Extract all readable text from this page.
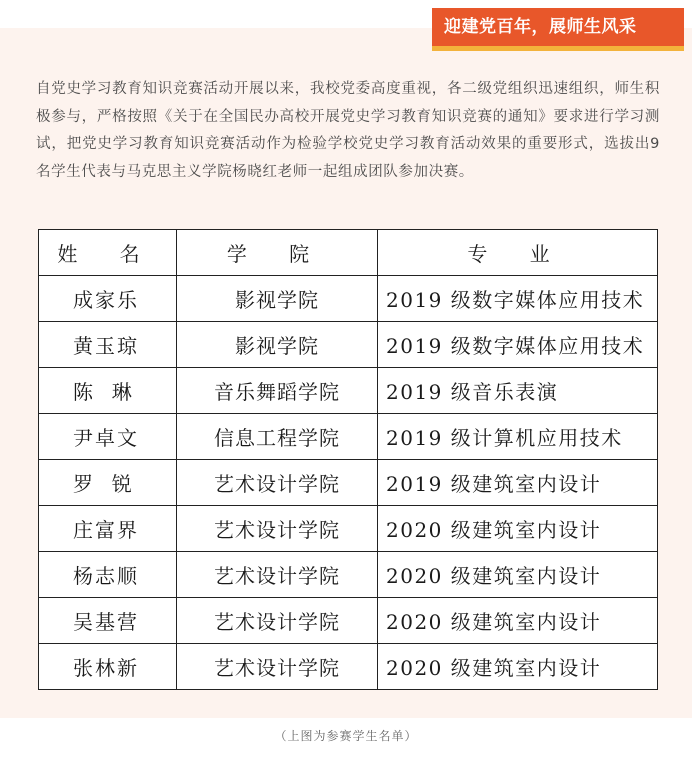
迎建党百年，展师生风采

自党史学习教育知识竞赛活动开展以来，我校党委高度重视，各二级党组织迅速组织，师生积极参与，严格按照《关于在全国民办高校开展党史学习教育知识竞赛的通知》要求进行学习测试，把党史学习教育知识竞赛活动作为检验学校党史学习教育活动效果的重要形式，选拔出9名学生代表与马克思主义学院杨晓红老师一起组成团队参加决赛。

姓 名	学 院	专 业
成家乐	影视学院	2019 级数字媒体应用技术
黄玉琼	影视学院	2019 级数字媒体应用技术
陈  琳	音乐舞蹈学院	2019 级音乐表演
尹卓文	信息工程学院	2019 级计算机应用技术
罗  锐	艺术设计学院	2019 级建筑室内设计
庄富界	艺术设计学院	2020 级建筑室内设计
杨志顺	艺术设计学院	2020 级建筑室内设计
吴基营	艺术设计学院	2020 级建筑室内设计
张林新	艺术设计学院	2020 级建筑室内设计
（上图为参赛学生名单）
